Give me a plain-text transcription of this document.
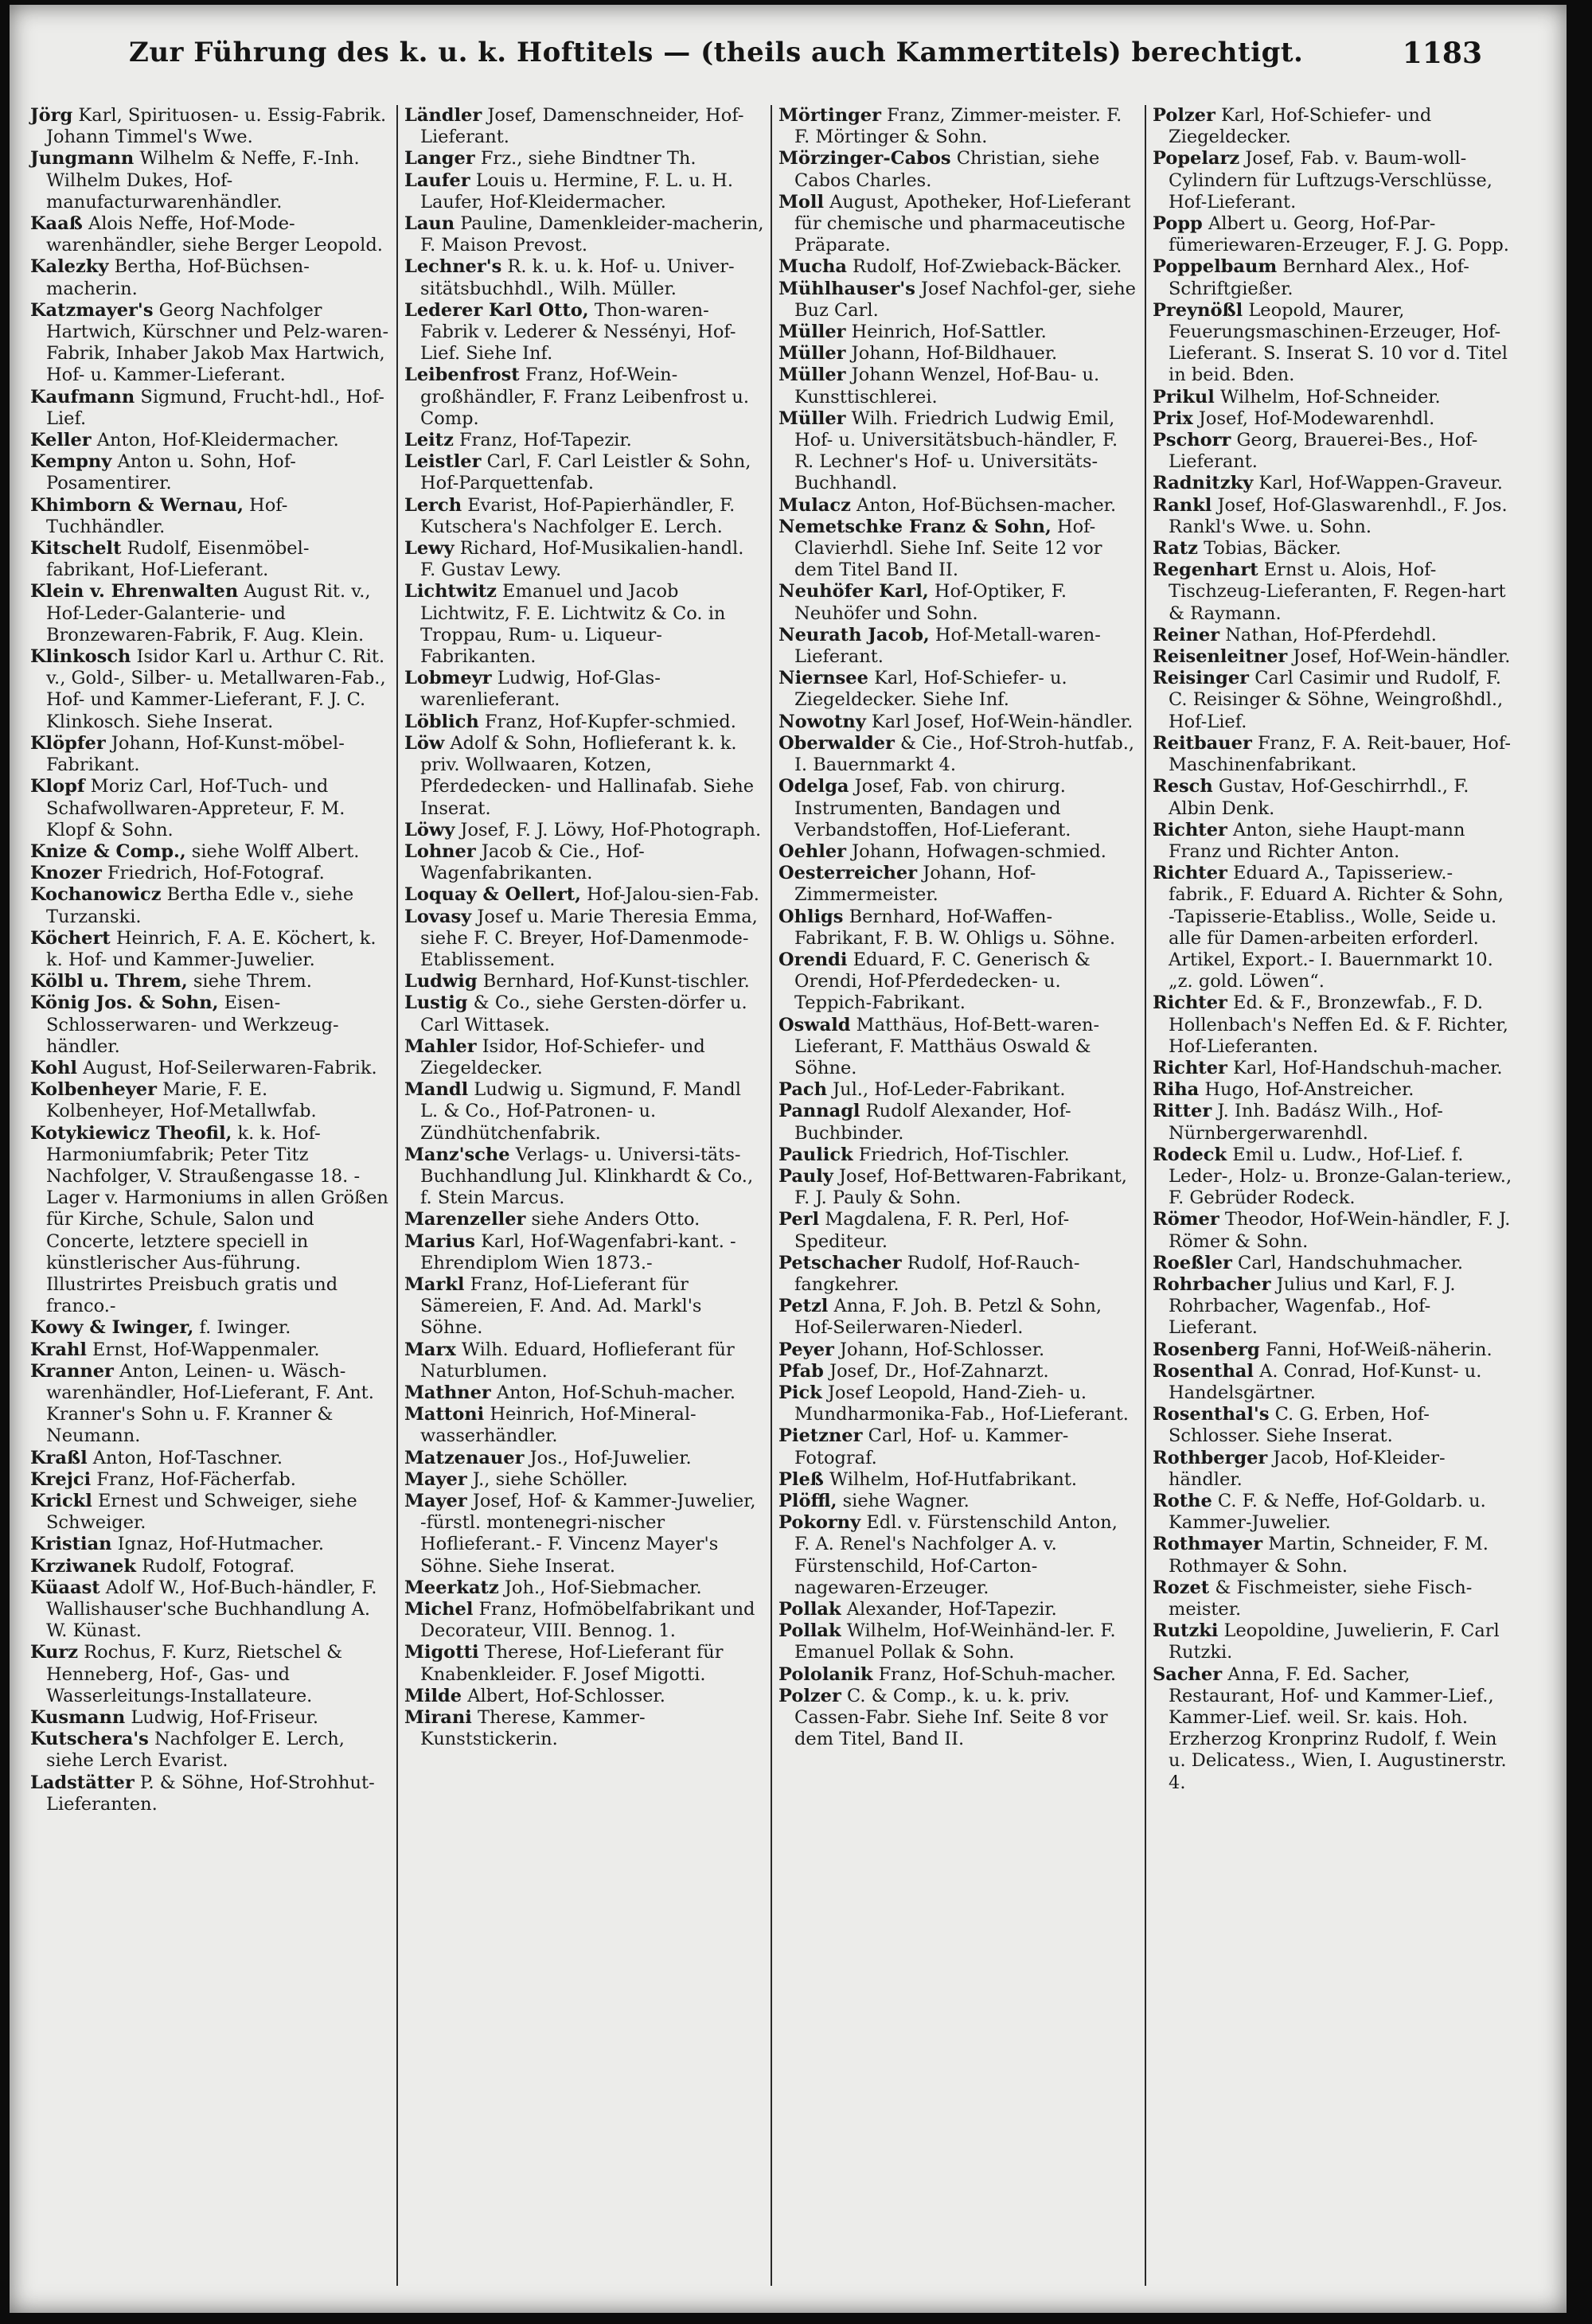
Zur Führung des k. u. k. Hoftitels — (theils auch Kammertitels) berechtigt.	1183

Jörg Karl, Spirituosen- u. Essig-Fabrik. Johann Timmel's Wwe.

Jungmann Wilhelm & Neffe, F.-Inh. Wilhelm Dukes, Hof-manufacturwarenhändler.

Kaaß Alois Neffe, Hof-Mode-warenhändler, siehe Berger Leopold.

Kalezky Bertha, Hof-Büchsen-macherin.

Katzmayer's Georg Nachfolger Hartwich, Kürschner und Pelz-waren-Fabrik, Inhaber Jakob Max Hartwich, Hof- u. Kammer-Lieferant.

Kaufmann Sigmund, Frucht-hdl., Hof-Lief.

Keller Anton, Hof-Kleidermacher.

Kempny Anton u. Sohn, Hof-Posamentirer.

Khimborn & Wernau, Hof-Tuchhändler.

Kitschelt Rudolf, Eisenmöbel-fabrikant, Hof-Lieferant.

Klein v. Ehrenwalten August Rit. v., Hof-Leder-Galanterie- und Bronzewaren-Fabrik, F. Aug. Klein.

Klinkosch Isidor Karl u. Arthur C. Rit. v., Gold-, Silber- u. Metallwaren-Fab., Hof- und Kammer-Lieferant, F. J. C. Klinkosch. Siehe Inserat.

Klöpfer Johann, Hof-Kunst-möbel-Fabrikant.

Klopf Moriz Carl, Hof-Tuch- und Schafwollwaren-Appreteur, F. M. Klopf & Sohn.

Knize & Comp., siehe Wolff Albert.

Knozer Friedrich, Hof-Fotograf.

Kochanowicz Bertha Edle v., siehe Turzanski.

Köchert Heinrich, F. A. E. Köchert, k. k. Hof- und Kammer-Juwelier.

Kölbl u. Threm, siehe Threm.

König Jos. & Sohn, Eisen-Schlosserwaren- und Werkzeug-händler.

Kohl August, Hof-Seilerwaren-Fabrik.

Kolbenheyer Marie, F. E. Kolbenheyer, Hof-Metallwfab.

Kotykiewicz Theofil, k. k. Hof-Harmoniumfabrik; Peter Titz Nachfolger, V. Straußengasse 18. -Lager v. Harmoniums in allen Größen für Kirche, Schule, Salon und Concerte, letztere speciell in künstlerischer Aus-führung. Illustrirtes Preisbuch gratis und franco.-

Kowy & Iwinger, f. Iwinger.

Krahl Ernst, Hof-Wappenmaler.

Kranner Anton, Leinen- u. Wäsch-warenhändler, Hof-Lieferant, F. Ant. Kranner's Sohn u. F. Kranner & Neumann.

Kraßl Anton, Hof-Taschner.

Krejci Franz, Hof-Fächerfab.

Krickl Ernest und Schweiger, siehe Schweiger.

Kristian Ignaz, Hof-Hutmacher.

Krziwanek Rudolf, Fotograf.

Küaast Adolf W., Hof-Buch-händler, F. Wallishauser'sche Buchhandlung A. W. Künast.

Kurz Rochus, F. Kurz, Rietschel & Henneberg, Hof-, Gas- und Wasserleitungs-Installateure.

Kusmann Ludwig, Hof-Friseur.

Kutschera's Nachfolger E. Lerch, siehe Lerch Evarist.

Ladstätter P. & Söhne, Hof-Strohhut-Lieferanten.

Ländler Josef, Damenschneider, Hof-Lieferant.

Langer Frz., siehe Bindtner Th.

Laufer Louis u. Hermine, F. L. u. H. Laufer, Hof-Kleidermacher.

Laun Pauline, Damenkleider-macherin, F. Maison Prevost.

Lechner's R. k. u. k. Hof- u. Univer-sitätsbuchhdl., Wilh. Müller.

Lederer Karl Otto, Thon-waren-Fabrik v. Lederer & Nessényi, Hof-Lief. Siehe Inf.

Leibenfrost Franz, Hof-Wein-großhändler, F. Franz Leibenfrost u. Comp.

Leitz Franz, Hof-Tapezir.

Leistler Carl, F. Carl Leistler & Sohn, Hof-Parquettenfab.

Lerch Evarist, Hof-Papierhändler, F. Kutschera's Nachfolger E. Lerch.

Lewy Richard, Hof-Musikalien-handl. F. Gustav Lewy.

Lichtwitz Emanuel und Jacob Lichtwitz, F. E. Lichtwitz & Co. in Troppau, Rum- u. Liqueur-Fabrikanten.

Lobmeyr Ludwig, Hof-Glas-warenlieferant.

Löblich Franz, Hof-Kupfer-schmied.

Löw Adolf & Sohn, Hoflieferant k. k. priv. Wollwaaren, Kotzen, Pferdedecken- und Hallinafab. Siehe Inserat.

Löwy Josef, F. J. Löwy, Hof-Photograph.

Lohner Jacob & Cie., Hof-Wagenfabrikanten.

Loquay & Oellert, Hof-Jalou-sien-Fab.

Lovasy Josef u. Marie Theresia Emma, siehe F. C. Breyer, Hof-Damenmode-Etablissement.

Ludwig Bernhard, Hof-Kunst-tischler.

Lustig & Co., siehe Gersten-dörfer u. Carl Wittasek.

Mahler Isidor, Hof-Schiefer- und Ziegeldecker.

Mandl Ludwig u. Sigmund, F. Mandl L. & Co., Hof-Patronen- u. Zündhütchenfabrik.

Manz'sche Verlags- u. Universi-täts-Buchhandlung Jul. Klinkhardt & Co., f. Stein Marcus.

Marenzeller siehe Anders Otto.

Marius Karl, Hof-Wagenfabri-kant. -Ehrendiplom Wien 1873.-

Markl Franz, Hof-Lieferant für Sämereien, F. And. Ad. Markl's Söhne.

Marx Wilh. Eduard, Hoflieferant für Naturblumen.

Mathner Anton, Hof-Schuh-macher.

Mattoni Heinrich, Hof-Mineral-wasserhändler.

Matzenauer Jos., Hof-Juwelier.

Mayer J., siehe Schöller.

Mayer Josef, Hof- & Kammer-Juwelier, -fürstl. montenegri-nischer Hoflieferant.- F. Vincenz Mayer's Söhne. Siehe Inserat.

Meerkatz Joh., Hof-Siebmacher.

Michel Franz, Hofmöbelfabrikant und Decorateur, VIII. Bennog. 1.

Migotti Therese, Hof-Lieferant für Knabenkleider. F. Josef Migotti.

Milde Albert, Hof-Schlosser.

Mirani Therese, Kammer-Kunststickerin.

Mörtinger Franz, Zimmer-meister. F. F. Mörtinger & Sohn.

Mörzinger-Cabos Christian, siehe Cabos Charles.

Moll August, Apotheker, Hof-Lieferant für chemische und pharmaceutische Präparate.

Mucha Rudolf, Hof-Zwieback-Bäcker.

Mühlhauser's Josef Nachfol-ger, siehe Buz Carl.

Müller Heinrich, Hof-Sattler.

Müller Johann, Hof-Bildhauer.

Müller Johann Wenzel, Hof-Bau- u. Kunsttischlerei.

Müller Wilh. Friedrich Ludwig Emil, Hof- u. Universitätsbuch-händler, F. R. Lechner's Hof- u. Universitäts-Buchhandl.

Mulacz Anton, Hof-Büchsen-macher.

Nemetschke Franz & Sohn, Hof-Clavierhdl. Siehe Inf. Seite 12 vor dem Titel Band II.

Neuhöfer Karl, Hof-Optiker, F. Neuhöfer und Sohn.

Neurath Jacob, Hof-Metall-waren-Lieferant.

Niernsee Karl, Hof-Schiefer- u. Ziegeldecker. Siehe Inf.

Nowotny Karl Josef, Hof-Wein-händler.

Oberwalder & Cie., Hof-Stroh-hutfab., I. Bauernmarkt 4.

Odelga Josef, Fab. von chirurg. Instrumenten, Bandagen und Verbandstoffen, Hof-Lieferant.

Oehler Johann, Hofwagen-schmied.

Oesterreicher Johann, Hof-Zimmermeister.

Ohligs Bernhard, Hof-Waffen-Fabrikant, F. B. W. Ohligs u. Söhne.

Orendi Eduard, F. C. Generisch & Orendi, Hof-Pferdedecken- u. Teppich-Fabrikant.

Oswald Matthäus, Hof-Bett-waren-Lieferant, F. Matthäus Oswald & Söhne.

Pach Jul., Hof-Leder-Fabrikant.

Pannagl Rudolf Alexander, Hof-Buchbinder.

Paulick Friedrich, Hof-Tischler.

Pauly Josef, Hof-Bettwaren-Fabrikant, F. J. Pauly & Sohn.

Perl Magdalena, F. R. Perl, Hof-Spediteur.

Petschacher Rudolf, Hof-Rauch-fangkehrer.

Petzl Anna, F. Joh. B. Petzl & Sohn, Hof-Seilerwaren-Niederl.

Peyer Johann, Hof-Schlosser.

Pfab Josef, Dr., Hof-Zahnarzt.

Pick Josef Leopold, Hand-Zieh- u. Mundharmonika-Fab., Hof-Lieferant.

Pietzner Carl, Hof- u. Kammer-Fotograf.

Pleß Wilhelm, Hof-Hutfabrikant.

Plöffl, siehe Wagner.

Pokorny Edl. v. Fürstenschild Anton, F. A. Renel's Nachfolger A. v. Fürstenschild, Hof-Carton-nagewaren-Erzeuger.

Pollak Alexander, Hof-Tapezir.

Pollak Wilhelm, Hof-Weinhänd-ler. F. Emanuel Pollak & Sohn.

Pololanik Franz, Hof-Schuh-macher.

Polzer C. & Comp., k. u. k. priv. Cassen-Fabr. Siehe Inf. Seite 8 vor dem Titel, Band II.

Polzer Karl, Hof-Schiefer- und Ziegeldecker.

Popelarz Josef, Fab. v. Baum-woll-Cylindern für Luftzugs-Verschlüsse, Hof-Lieferant.

Popp Albert u. Georg, Hof-Par-fümeriewaren-Erzeuger, F. J. G. Popp.

Poppelbaum Bernhard Alex., Hof-Schriftgießer.

Preynößl Leopold, Maurer, Feuerungsmaschinen-Erzeuger, Hof-Lieferant. S. Inserat S. 10 vor d. Titel in beid. Bden.

Prikul Wilhelm, Hof-Schneider.

Prix Josef, Hof-Modewarenhdl.

Pschorr Georg, Brauerei-Bes., Hof-Lieferant.

Radnitzky Karl, Hof-Wappen-Graveur.

Rankl Josef, Hof-Glaswarenhdl., F. Jos. Rankl's Wwe. u. Sohn.

Ratz Tobias, Bäcker.

Regenhart Ernst u. Alois, Hof-Tischzeug-Lieferanten, F. Regen-hart & Raymann.

Reiner Nathan, Hof-Pferdehdl.

Reisenleitner Josef, Hof-Wein-händler.

Reisinger Carl Casimir und Rudolf, F. C. Reisinger & Söhne, Weingroßhdl., Hof-Lief.

Reitbauer Franz, F. A. Reit-bauer, Hof-Maschinenfabrikant.

Resch Gustav, Hof-Geschirrhdl., F. Albin Denk.

Richter Anton, siehe Haupt-mann Franz und Richter Anton.

Richter Eduard A., Tapisseriew.-fabrik., F. Eduard A. Richter & Sohn, -Tapisserie-Etabliss., Wolle, Seide u. alle für Damen-arbeiten erforderl. Artikel, Export.- I. Bauernmarkt 10. „z. gold. Löwen“.

Richter Ed. & F., Bronzewfab., F. D. Hollenbach's Neffen Ed. & F. Richter, Hof-Lieferanten.

Richter Karl, Hof-Handschuh-macher.

Riha Hugo, Hof-Anstreicher.

Ritter J. Inh. Badász Wilh., Hof-Nürnbergerwarenhdl.

Rodeck Emil u. Ludw., Hof-Lief. f. Leder-, Holz- u. Bronze-Galan-teriew., F. Gebrüder Rodeck.

Römer Theodor, Hof-Wein-händler, F. J. Römer & Sohn.

Roeßler Carl, Handschuhmacher.

Rohrbacher Julius und Karl, F. J. Rohrbacher, Wagenfab., Hof-Lieferant.

Rosenberg Fanni, Hof-Weiß-näherin.

Rosenthal A. Conrad, Hof-Kunst- u. Handelsgärtner.

Rosenthal's C. G. Erben, Hof-Schlosser. Siehe Inserat.

Rothberger Jacob, Hof-Kleider-händler.

Rothe C. F. & Neffe, Hof-Goldarb. u. Kammer-Juwelier.

Rothmayer Martin, Schneider, F. M. Rothmayer & Sohn.

Rozet & Fischmeister, siehe Fisch-meister.

Rutzki Leopoldine, Juwelierin, F. Carl Rutzki.

Sacher Anna, F. Ed. Sacher, Restaurant, Hof- und Kammer-Lief., Kammer-Lief. weil. Sr. kais. Hoh. Erzherzog Kronprinz Rudolf, f. Wein u. Delicatess., Wien, I. Augustinerstr. 4.
